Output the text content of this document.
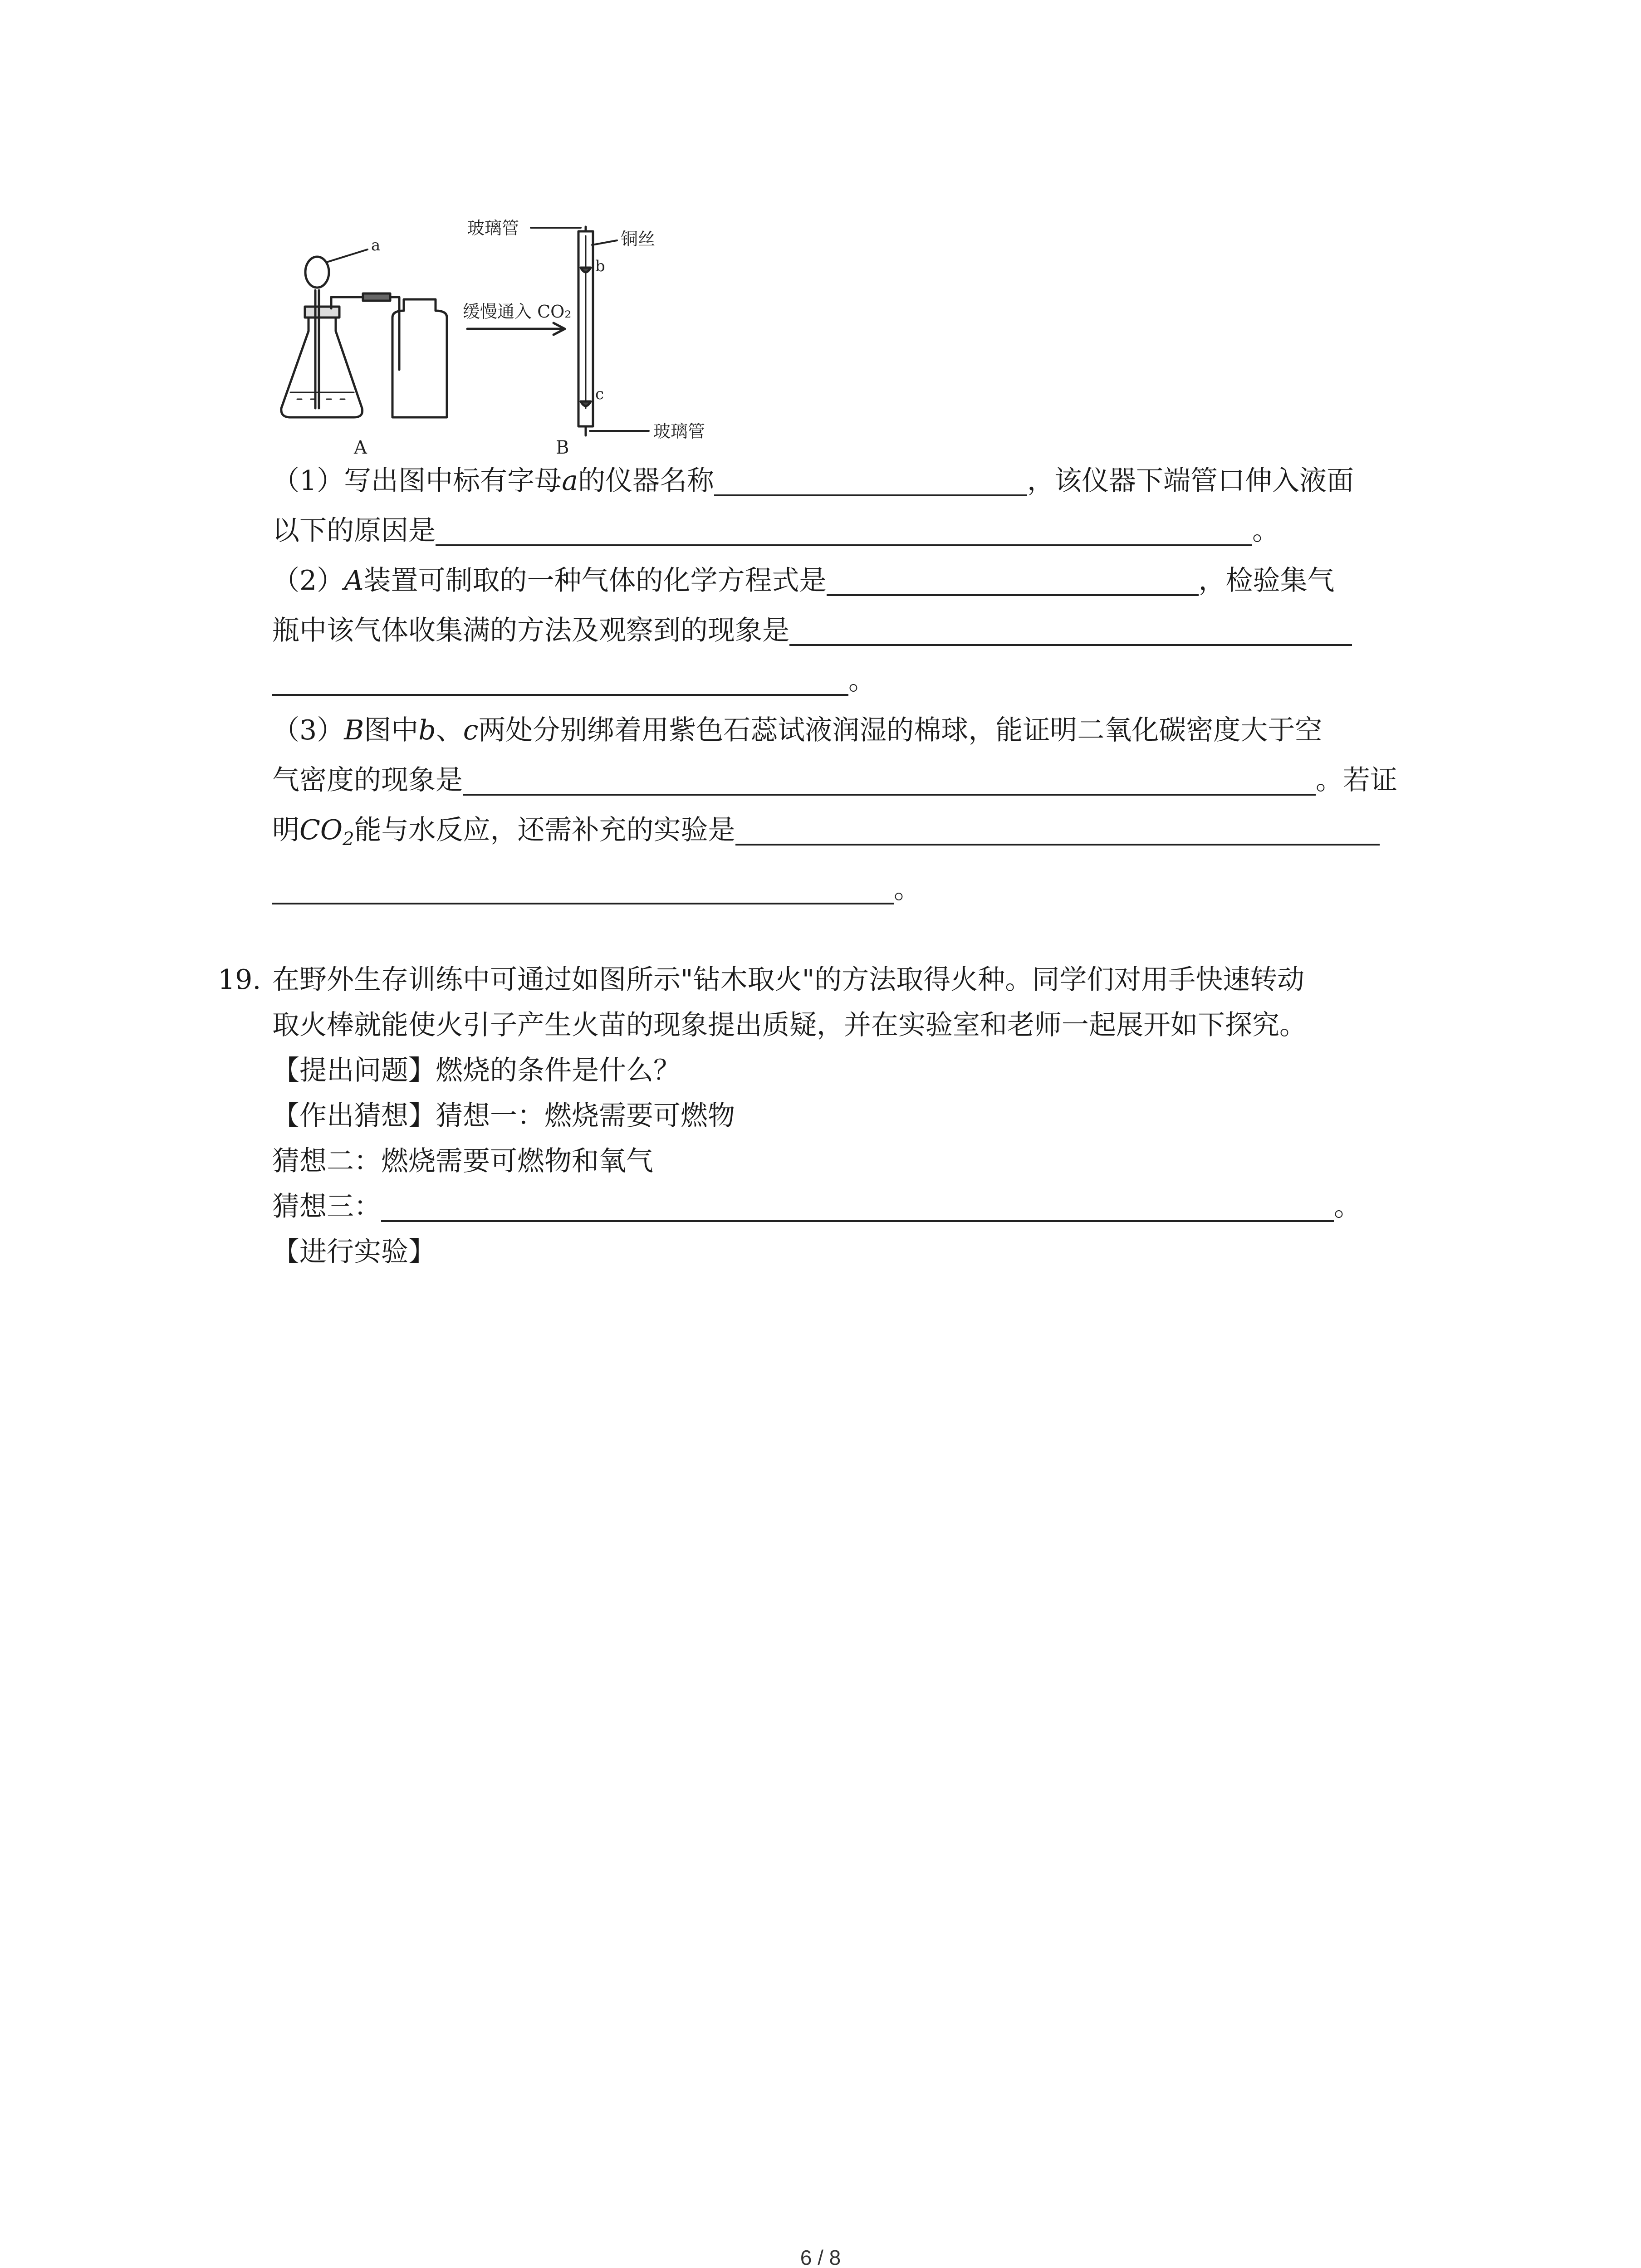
a
A	B
玻璃管
玻璃管
铜丝
b
c
缓慢通入 CO₂
（1）写出图中标有字母a的仪器名称	，该仪器下端管口伸入液面
以下的原因是	。
（2）A装置可制取的一种气体的化学方程式是	，检验集气
瓶中该气体收集满的方法及观察到的现象是
。
（3）B图中b、c两处分别绑着用紫色石蕊试液润湿的棉球，能证明二氧化碳密度大于空
气密度的现象是	。若证
明$CO_2$能与水反应，还需补充的实验是
。
19. 在野外生存训练中可通过如图所示"钻木取火"的方法取得火种。同学们对用手快速转动
取火棒就能使火引子产生火苗的现象提出质疑，并在实验室和老师一起展开如下探究。
【提出问题】燃烧的条件是什么？
【作出猜想】猜想一：燃烧需要可燃物
猜想二：燃烧需要可燃物和氧气
猜想三：	。
【进行实验】
6 / 8
